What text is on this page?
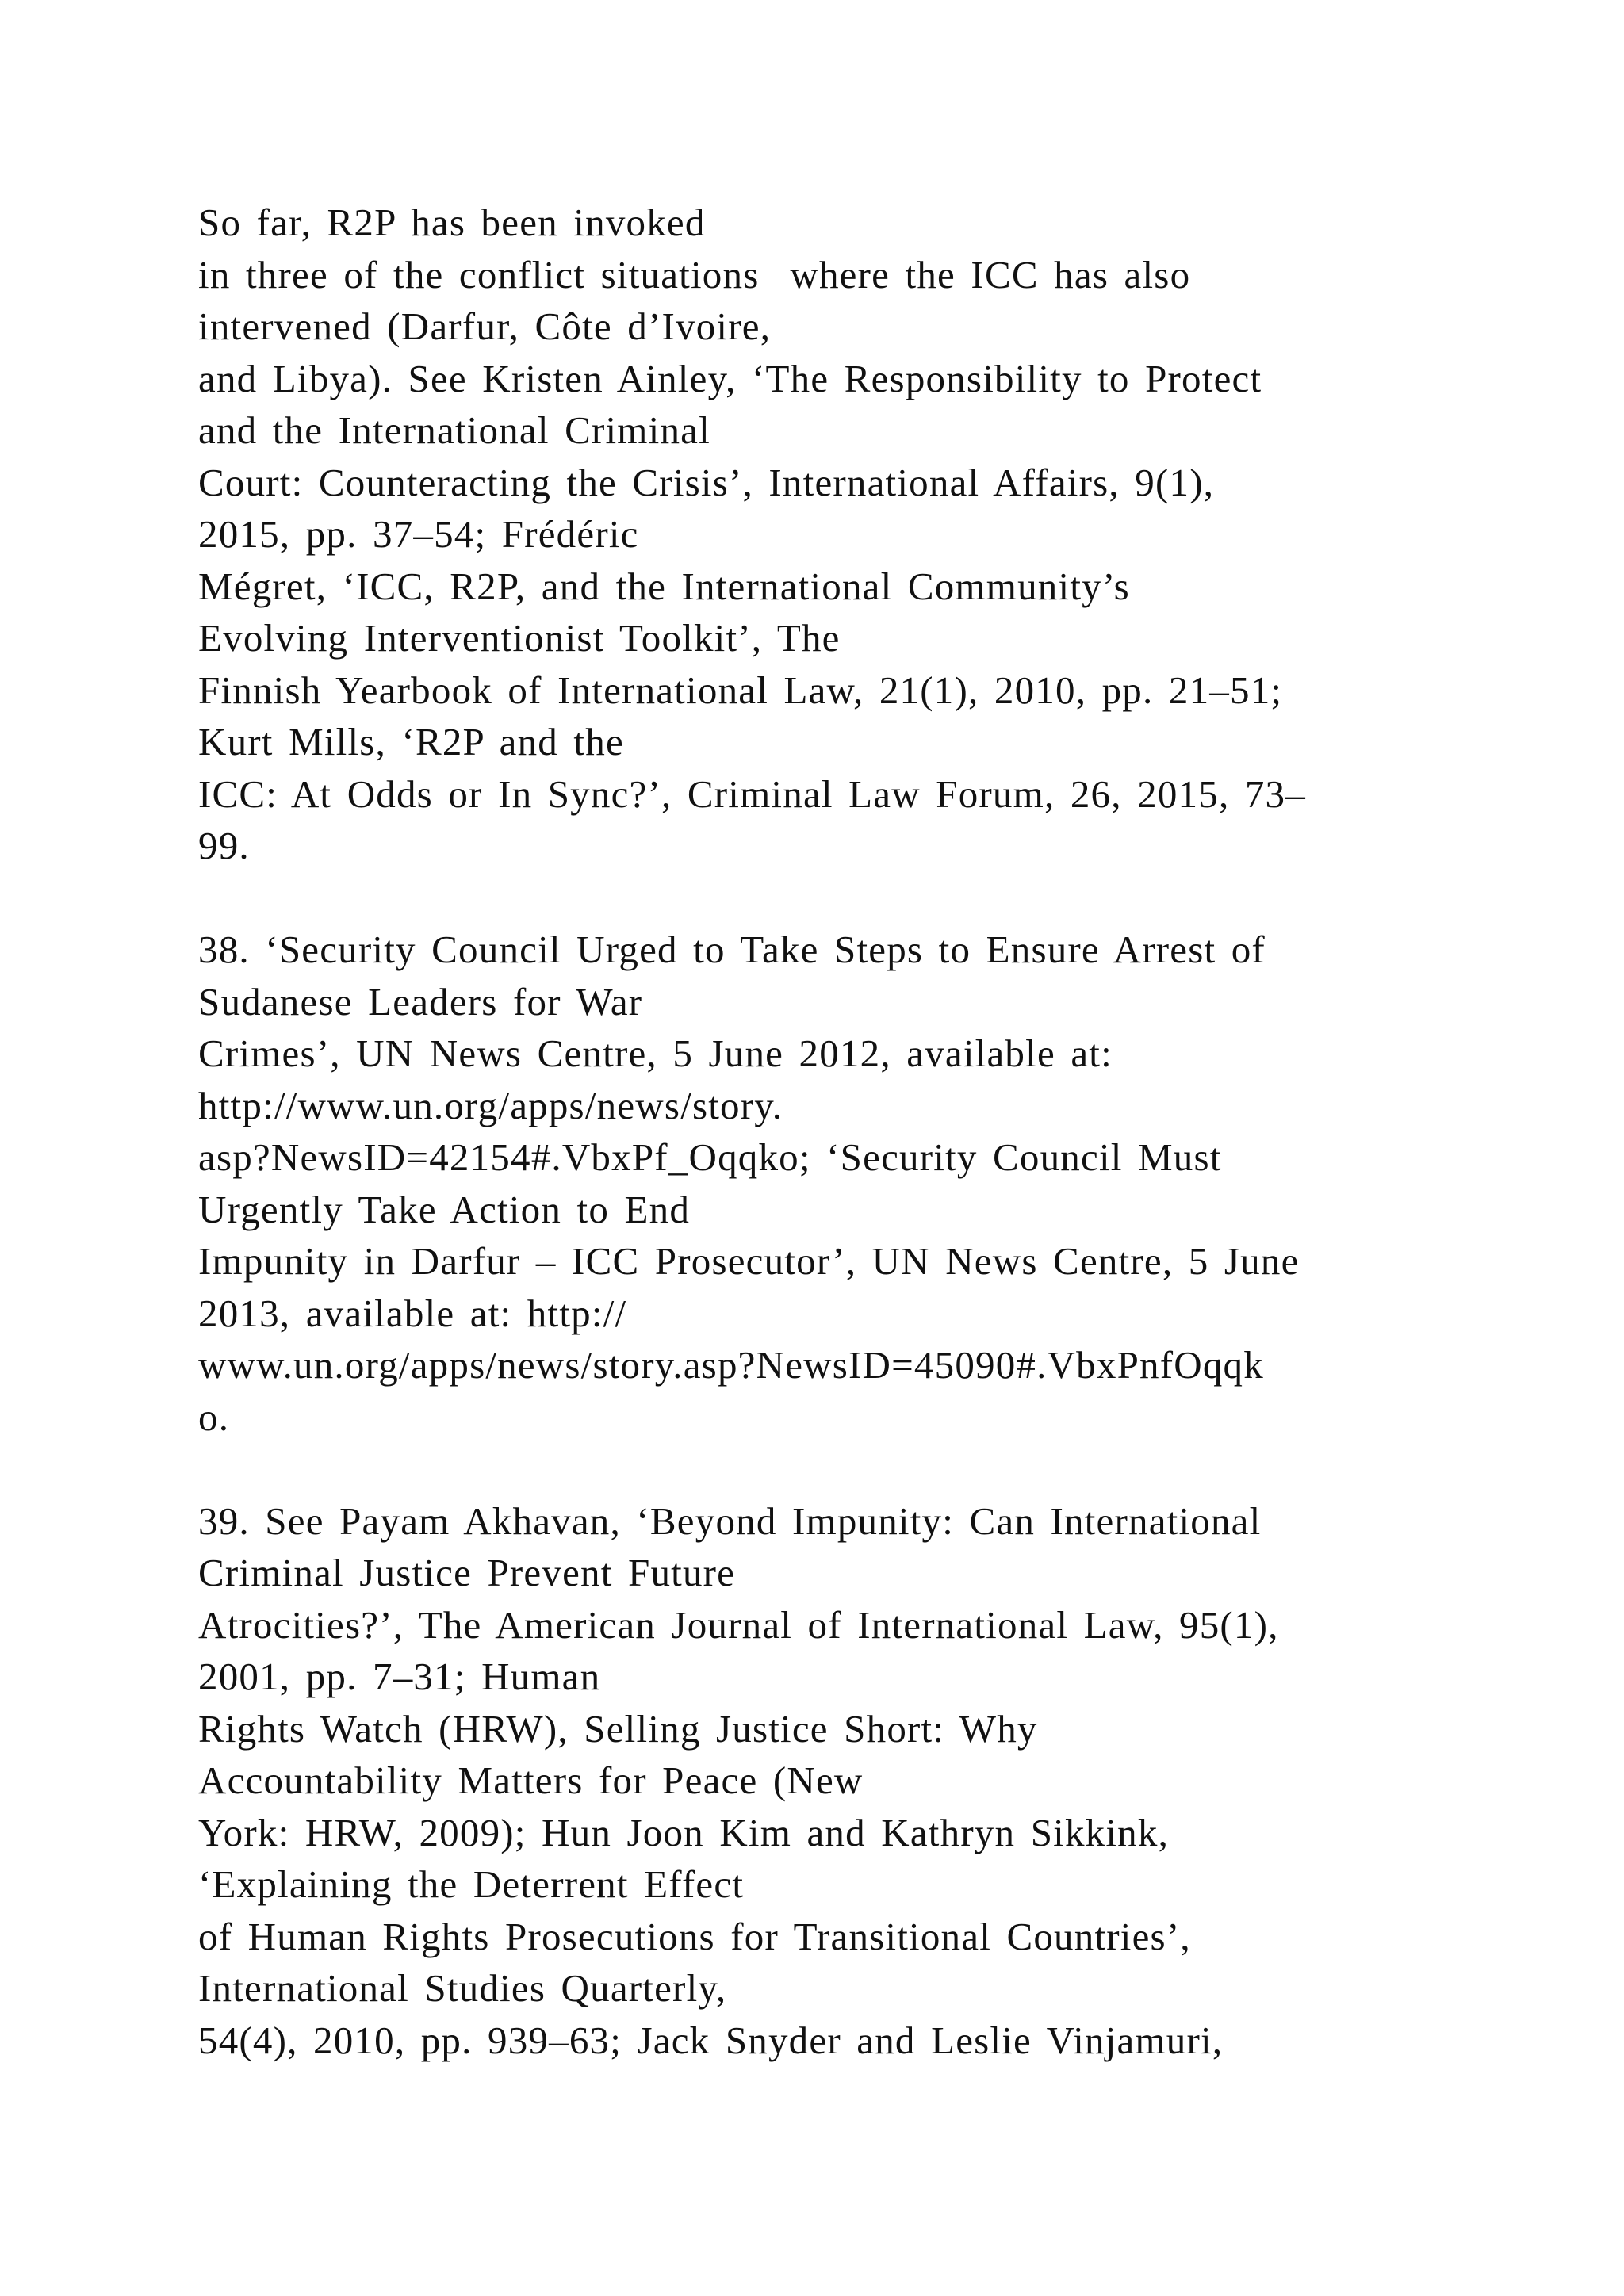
So far, R2P has been invoked
in three of the conflict situations  where the ICC has also
intervened (Darfur, Côte d’Ivoire,
and Libya). See Kristen Ainley, ‘The Responsibility to Protect
and the International Criminal
Court: Counteracting the Crisis’, International Affairs, 9(1),
2015, pp. 37–54; Frédéric
Mégret, ‘ICC, R2P, and the International Community’s
Evolving Interventionist Toolkit’, The
Finnish Yearbook of International Law, 21(1), 2010, pp. 21–51;
Kurt Mills, ‘R2P and the
ICC: At Odds or In Sync?’, Criminal Law Forum, 26, 2015, 73–
99.
38. ‘Security Council Urged to Take Steps to Ensure Arrest of
Sudanese Leaders for War
Crimes’, UN News Centre, 5 June 2012, available at:
http://www.un.org/apps/news/story.
asp?NewsID=42154#.VbxPf_Oqqko; ‘Security Council Must
Urgently Take Action to End
Impunity in Darfur – ICC Prosecutor’, UN News Centre, 5 June
2013, available at: http://
www.un.org/apps/news/story.asp?NewsID=45090#.VbxPnfOqqk
o.
39. See Payam Akhavan, ‘Beyond Impunity: Can International
Criminal Justice Prevent Future
Atrocities?’, The American Journal of International Law, 95(1),
2001, pp. 7–31; Human
Rights Watch (HRW), Selling Justice Short: Why
Accountability Matters for Peace (New
York: HRW, 2009); Hun Joon Kim and Kathryn Sikkink,
‘Explaining the Deterrent Effect
of Human Rights Prosecutions for Transitional Countries’,
International Studies Quarterly,
54(4), 2010, pp. 939–63; Jack Snyder and Leslie Vinjamuri,
